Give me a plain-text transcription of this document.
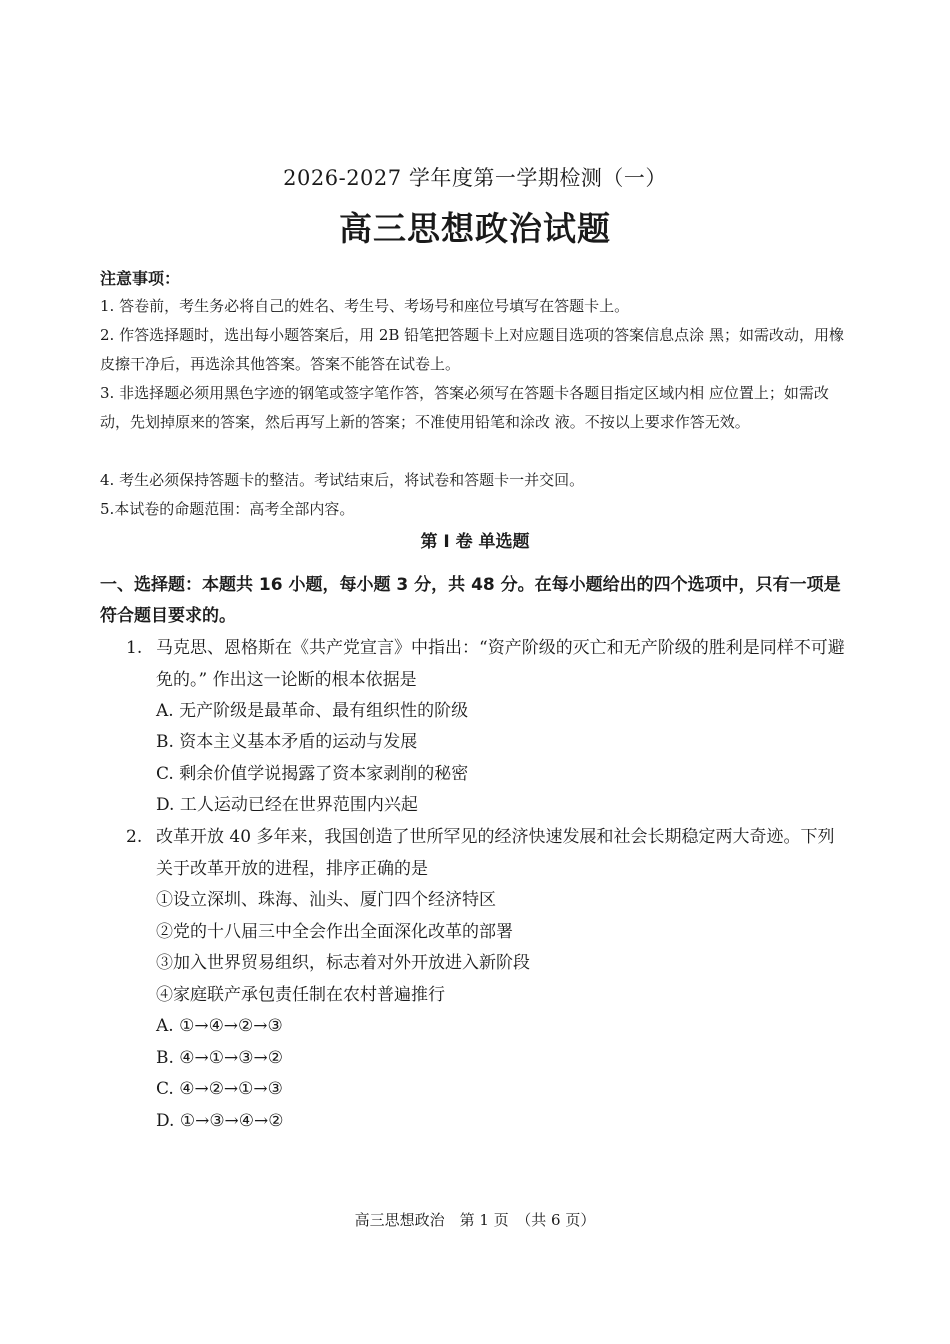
2026-2027 学年度第一学期检测（一）
高三思想政治试题
注意事项：
1. 答卷前，考生务必将自己的姓名、考生号、考场号和座位号填写在答题卡上。
2. 作答选择题时，选出每小题答案后，用 2B 铅笔把答题卡上对应题目选项的答案信息点涂 黑；如需改动，用橡皮擦干净后，再选涂其他答案。答案不能答在试卷上。
3. 非选择题必须用黑色字迹的钢笔或签字笔作答，答案必须写在答题卡各题目指定区域内相 应位置上；如需改动，先划掉原来的答案，然后再写上新的答案；不准使用铅笔和涂改 液。不按以上要求作答无效。
4. 考生必须保持答题卡的整洁。考试结束后，将试卷和答题卡一并交回。
5.本试卷的命题范围：高考全部内容。
第 I 卷 单选题
一、选择题：本题共 16 小题，每小题 3 分，共 48 分。在每小题给出的四个选项中，只有一项是符合题目要求的。
1. 马克思、恩格斯在《共产党宣言》中指出：“资产阶级的灭亡和无产阶级的胜利是同样不可避免的。” 作出这一论断的根本依据是
A. 无产阶级是最革命、最有组织性的阶级
B. 资本主义基本矛盾的运动与发展
C. 剩余价值学说揭露了资本家剥削的秘密
D. 工人运动已经在世界范围内兴起
2. 改革开放 40 多年来，我国创造了世所罕见的经济快速发展和社会长期稳定两大奇迹。下列关于改革开放的进程，排序正确的是
①设立深圳、珠海、汕头、厦门四个经济特区
②党的十八届三中全会作出全面深化改革的部署
③加入世界贸易组织，标志着对外开放进入新阶段
④家庭联产承包责任制在农村普遍推行
A. ①→④→②→③
B. ④→①→③→②
C. ④→②→①→③
D. ①→③→④→②
高三思想政治　第 1 页　（共 6 页）
